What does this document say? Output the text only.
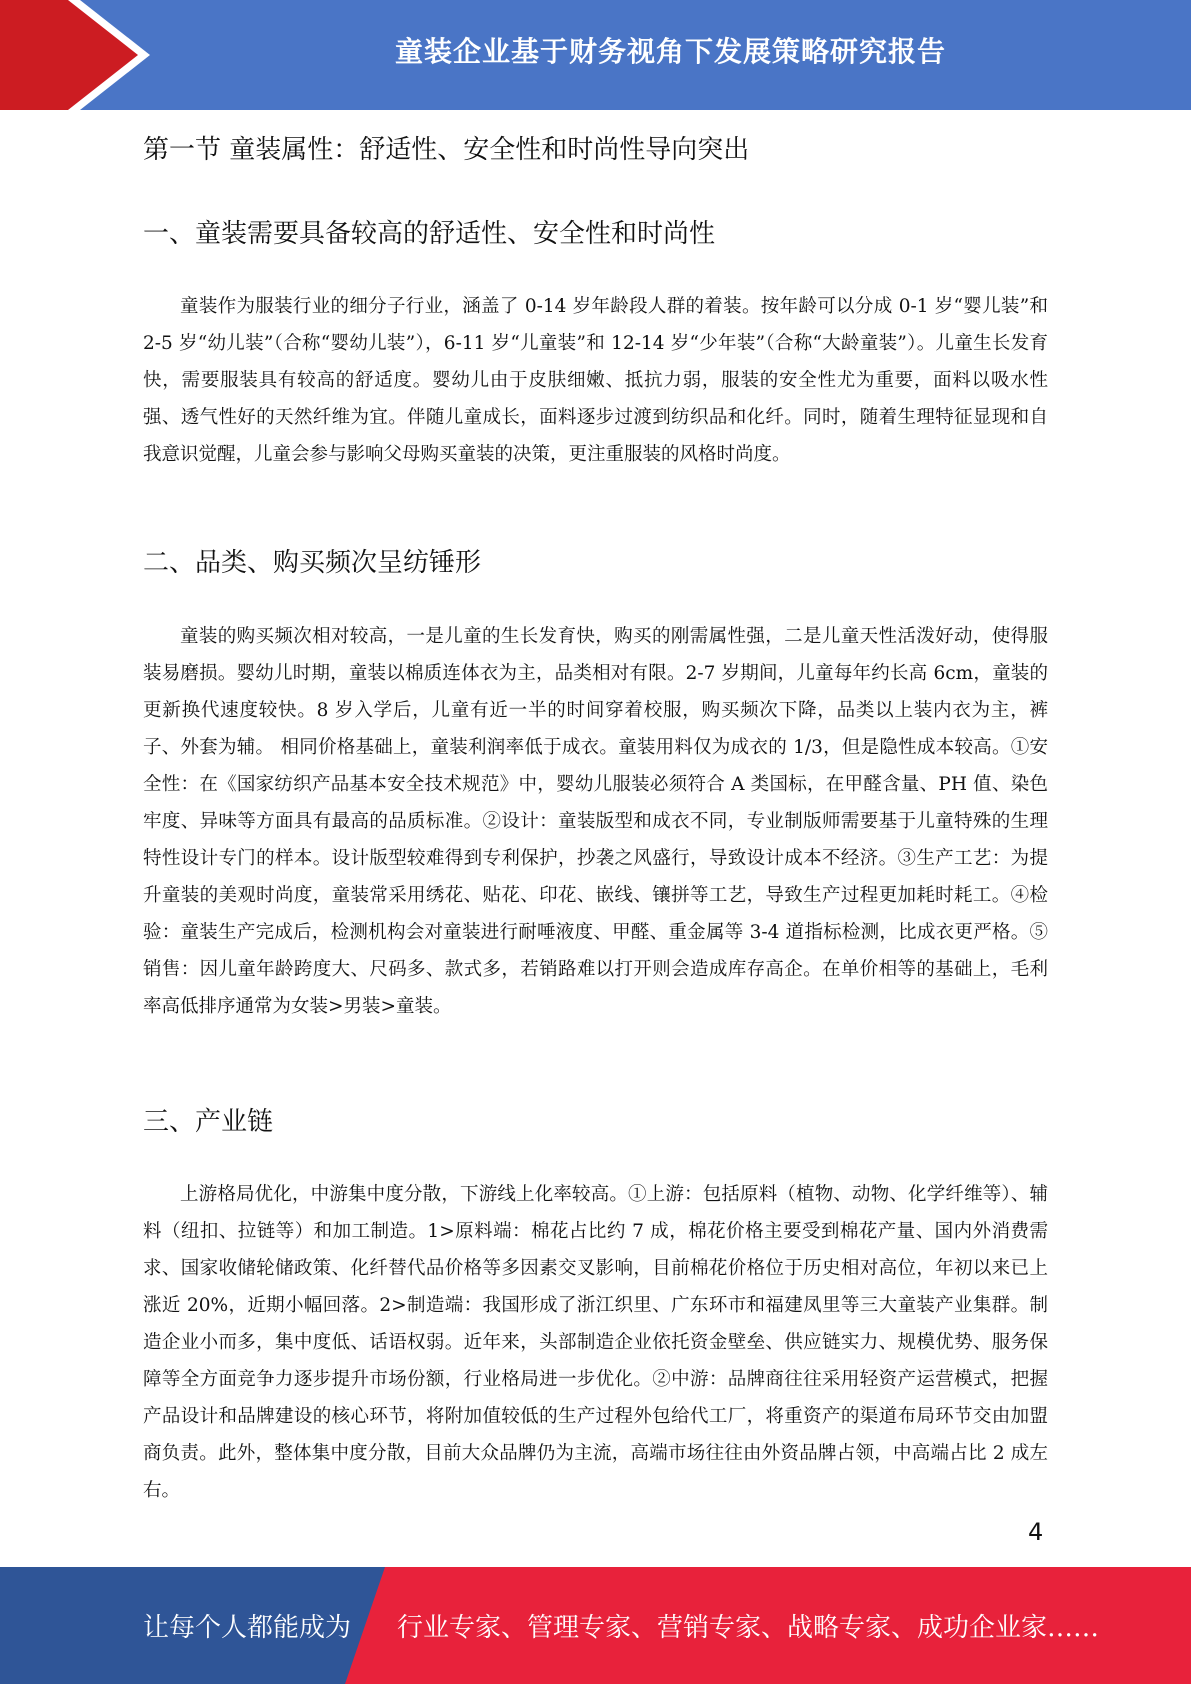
童装企业基于财务视角下发展策略研究报告
第一节 童装属性：舒适性、安全性和时尚性导向突出
一、童装需要具备较高的舒适性、安全性和时尚性

童装作为服装行业的细分子行业，涵盖了 0-14 岁年龄段人群的着装。按年龄可以分成 0-1 岁“婴儿装”和 2-5 岁“幼儿装”（合称“婴幼儿装”），6-11 岁“儿童装”和 12-14 岁“少年装”（合称“大龄童装”）。儿童生长发育快，需要服装具有较高的舒适度。婴幼儿由于皮肤细嫩、抵抗力弱，服装的安全性尤为重要，面料以吸水性强、透气性好的天然纤维为宜。伴随儿童成长，面料逐步过渡到纺织品和化纤。同时，随着生理特征显现和自我意识觉醒，儿童会参与影响父母购买童装的决策，更注重服装的风格时尚度。

二、品类、购买频次呈纺锤形

童装的购买频次相对较高，一是儿童的生长发育快，购买的刚需属性强，二是儿童天性活泼好动，使得服装易磨损。婴幼儿时期，童装以棉质连体衣为主，品类相对有限。2-7 岁期间，儿童每年约长高 6cm，童装的更新换代速度较快。8 岁入学后，儿童有近一半的时间穿着校服，购买频次下降，品类以上装内衣为主，裤子、外套为辅。 相同价格基础上，童装利润率低于成衣。童装用料仅为成衣的 1/3，但是隐性成本较高。①安全性：在《国家纺织产品基本安全技术规范》中，婴幼儿服装必须符合 A 类国标，在甲醛含量、PH 值、染色牢度、异味等方面具有最高的品质标准。②设计：童装版型和成衣不同，专业制版师需要基于儿童特殊的生理特性设计专门的样本。设计版型较难得到专利保护，抄袭之风盛行，导致设计成本不经济。③生产工艺：为提升童装的美观时尚度，童装常采用绣花、贴花、印花、嵌线、镶拼等工艺，导致生产过程更加耗时耗工。④检验：童装生产完成后，检测机构会对童装进行耐唾液度、甲醛、重金属等 3-4 道指标检测，比成衣更严格。⑤销售：因儿童年龄跨度大、尺码多、款式多，若销路难以打开则会造成库存高企。在单价相等的基础上，毛利率高低排序通常为女装>男装>童装。

三、产业链

上游格局优化，中游集中度分散，下游线上化率较高。①上游：包括原料（植物、动物、化学纤维等）、辅料（纽扣、拉链等）和加工制造。1>原料端：棉花占比约 7 成，棉花价格主要受到棉花产量、国内外消费需求、国家收储轮储政策、化纤替代品价格等多因素交叉影响，目前棉花价格位于历史相对高位，年初以来已上涨近 20%，近期小幅回落。2>制造端：我国形成了浙江织里、广东环市和福建凤里等三大童装产业集群。制造企业小而多，集中度低、话语权弱。近年来，头部制造企业依托资金壁垒、供应链实力、规模优势、服务保障等全方面竞争力逐步提升市场份额，行业格局进一步优化。②中游：品牌商往往采用轻资产运营模式，把握产品设计和品牌建设的核心环节，将附加值较低的生产过程外包给代工厂，将重资产的渠道布局环节交由加盟商负责。此外，整体集中度分散，目前大众品牌仍为主流，高端市场往往由外资品牌占领，中高端占比 2 成左右。

4
让每个人都能成为 行业专家、管理专家、营销专家、战略专家、成功企业家……
